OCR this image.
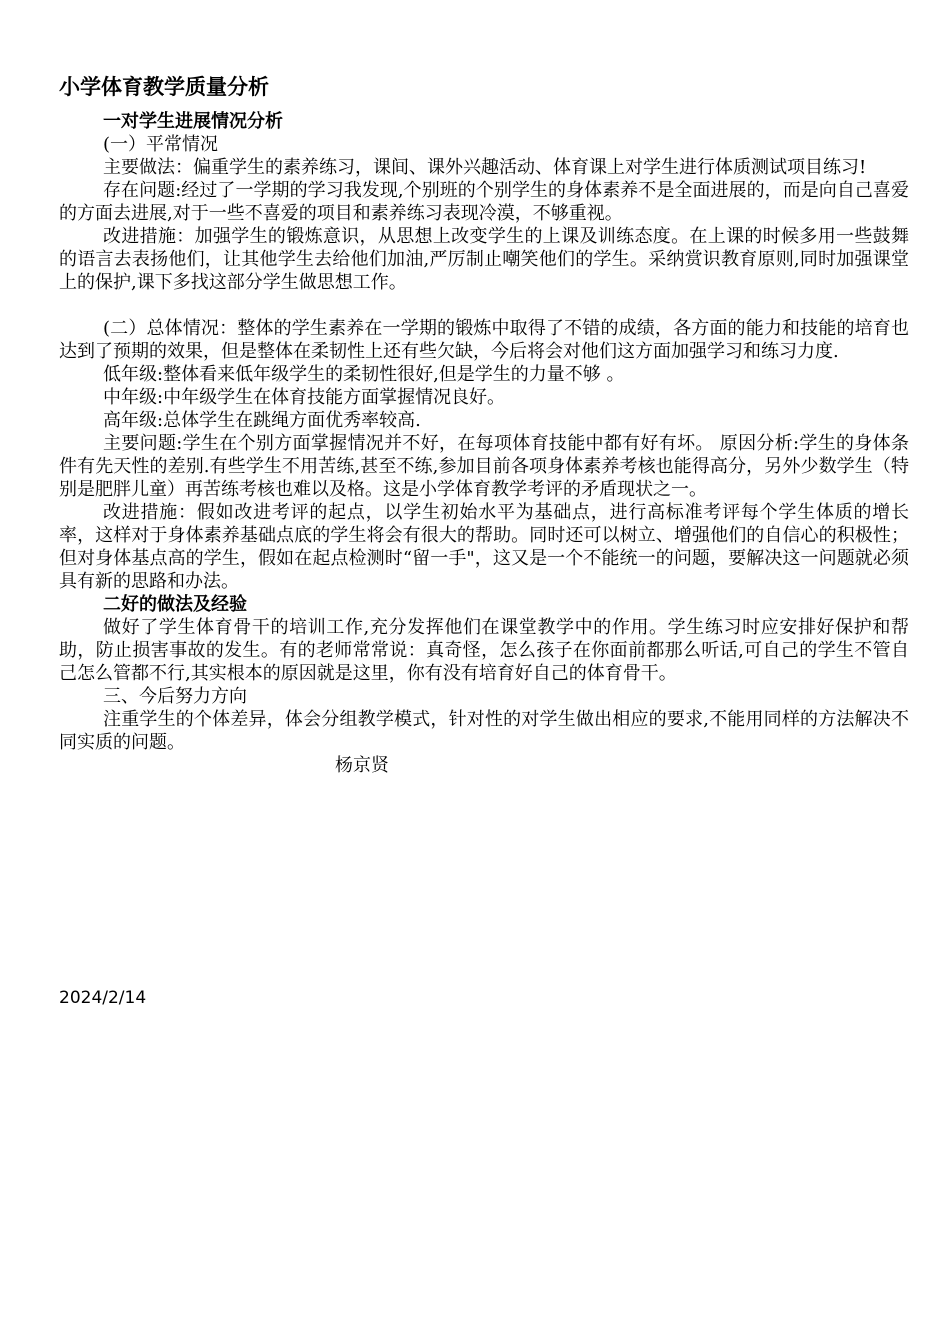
小学体育教学质量分析
一对学生进展情况分析
(一）平常情况

主要做法：偏重学生的素养练习，课间、课外兴趣活动、体育课上对学生进行体质测试项目练习!

存在问题:经过了一学期的学习我发现,个别班的个别学生的身体素养不是全面进展的，而是向自己喜爱的方面去进展,对于一些不喜爱的项目和素养练习表现冷漠，不够重视。

改进措施：加强学生的锻炼意识，从思想上改变学生的上课及训练态度。在上课的时候多用一些鼓舞的语言去表扬他们，让其他学生去给他们加油,严厉制止嘲笑他们的学生。采纳赏识教育原则,同时加强课堂上的保护,课下多找这部分学生做思想工作。

(二）总体情况：整体的学生素养在一学期的锻炼中取得了不错的成绩，各方面的能力和技能的培育也达到了预期的效果，但是整体在柔韧性上还有些欠缺，今后将会对他们这方面加强学习和练习力度.

低年级:整体看来低年级学生的柔韧性很好,但是学生的力量不够 。

中年级:中年级学生在体育技能方面掌握情况良好。

高年级:总体学生在跳绳方面优秀率较高.

主要问题:学生在个别方面掌握情况并不好，在每项体育技能中都有好有坏。 原因分析:学生的身体条件有先天性的差别.有些学生不用苦练,甚至不练,参加目前各项身体素养考核也能得高分，另外少数学生（特别是肥胖儿童）再苦练考核也难以及格。这是小学体育教学考评的矛盾现状之一。

改进措施：假如改进考评的起点，以学生初始水平为基础点，进行高标准考评每个学生体质的增长率，这样对于身体素养基础点底的学生将会有很大的帮助。同时还可以树立、增强他们的自信心的积极性；但对身体基点高的学生，假如在起点检测时“留一手"，这又是一个不能统一的问题，要解决这一问题就必须具有新的思路和办法。

二好的做法及经验

做好了学生体育骨干的培训工作,充分发挥他们在课堂教学中的作用。学生练习时应安排好保护和帮助，防止损害事故的发生。有的老师常常说：真奇怪，怎么孩子在你面前都那么听话,可自己的学生不管自己怎么管都不行,其实根本的原因就是这里，你有没有培育好自己的体育骨干。

三、今后努力方向

注重学生的个体差异，体会分组教学模式，针对性的对学生做出相应的要求,不能用同样的方法解决不同实质的问题。

杨京贤
2024/2/14
